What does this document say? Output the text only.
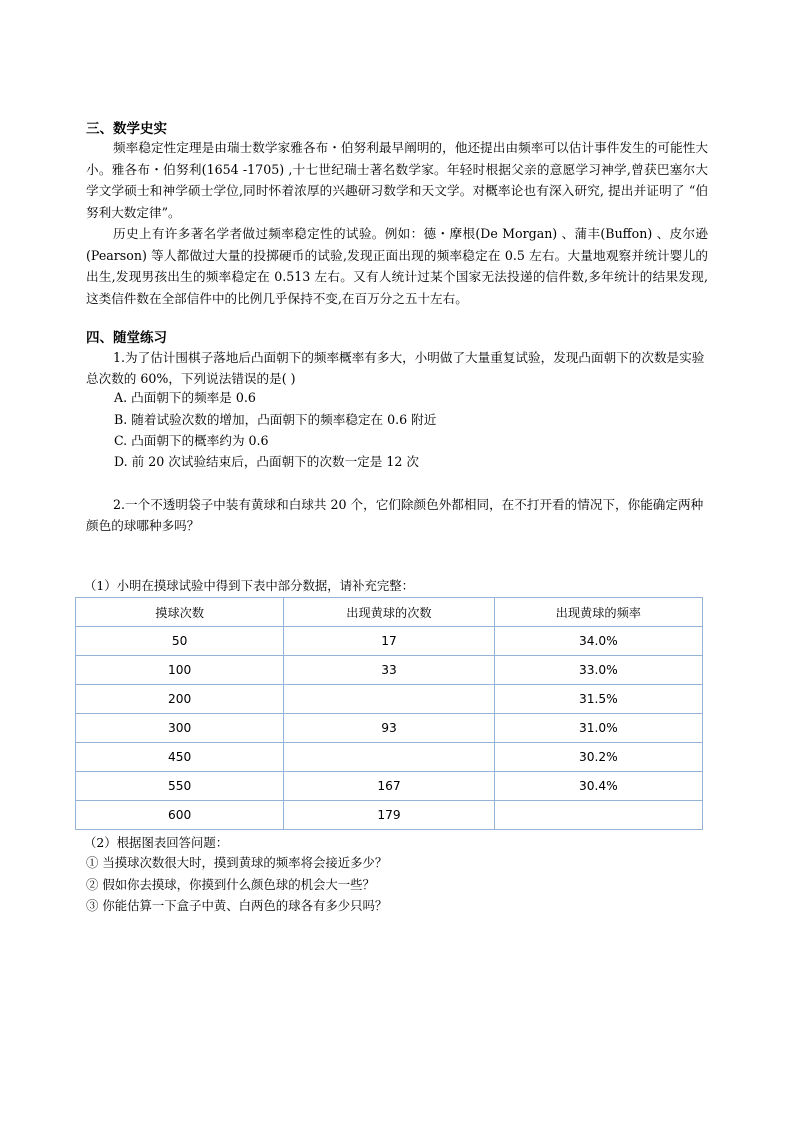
三、数学史实
频率稳定性定理是由瑞士数学家雅各布・伯努利最早阐明的，他还提出由频率可以估计事件发生的可能性大小。雅各布・伯努利(1654 -1705) ,十七世纪瑞士著名数学家。年轻时根据父亲的意愿学习神学,曾获巴塞尔大学文学硕士和神学硕士学位,同时怀着浓厚的兴趣研习数学和天文学。对概率论也有深入研究, 提出并证明了 “伯努利大数定律”。
历史上有许多著名学者做过频率稳定性的试验。例如：德・摩根(De Morgan) 、蒲丰(Buffon) 、皮尔逊(Pearson) 等人都做过大量的投掷硬币的试验,发现正面出现的频率稳定在 0.5 左右。大量地观察并统计婴儿的出生,发现男孩出生的频率稳定在 0.513 左右。又有人统计过某个国家无法投递的信件数,多年统计的结果发现,这类信件数在全部信件中的比例几乎保持不变,在百万分之五十左右。
四、随堂练习
1.为了估计围棋子落地后凸面朝下的频率概率有多大，小明做了大量重复试验，发现凸面朝下的次数是实验总次数的 60%，下列说法错误的是( )
A. 凸面朝下的频率是 0.6
B. 随着试验次数的增加，凸面朝下的频率稳定在 0.6 附近
C. 凸面朝下的概率约为 0.6
D. 前 20 次试验结束后，凸面朝下的次数一定是 12 次
2.一个不透明袋子中装有黄球和白球共 20 个，它们除颜色外都相同，在不打开看的情况下，你能确定两种颜色的球哪种多吗？
（1）小明在摸球试验中得到下表中部分数据，请补充完整：
摸球次数	出现黄球的次数	出现黄球的频率
50	17	34.0%
100	33	33.0%
200		31.5%
300	93	31.0%
450		30.2%
550	167	30.4%
600	179	
（2）根据图表回答问题：
① 当摸球次数很大时，摸到黄球的频率将会接近多少？
② 假如你去摸球，你摸到什么颜色球的机会大一些？
③ 你能估算一下盒子中黄、白两色的球各有多少只吗？
